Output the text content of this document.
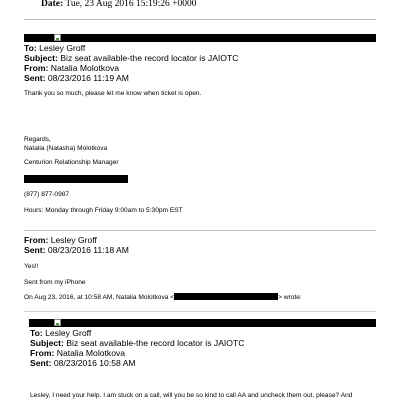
Date: Tue, 23 Aug 2016 15:19:26 +0000
To: Lesley Groff
Subject: Biz seat available-the record locator is JAIOTC
From: Natalia Molotkova
Sent: 08/23/2016 11:19 AM
Thank you so much, please let me know when ticket is open.
Regards,
Natalia (Natasha) Molotkova
Centurion Relationship Manager
(877) 877-0987
Hours: Monday through Friday 9:00am to 5:30pm EST
From: Lesley Groff
Sent: 08/23/2016 11:18 AM
Yes!!
Sent from my iPhone
On Aug 23, 2016, at 10:58 AM, Natalia Molotkova <	> wrote:
To: Lesley Groff
Subject: Biz seat available-the record locator is JAIOTC
From: Natalia Molotkova
Sent: 08/23/2016 10:58 AM
Lesley, I need your help. I am stuck on a call, will you be so kind to call AA and uncheck them out, please? And
